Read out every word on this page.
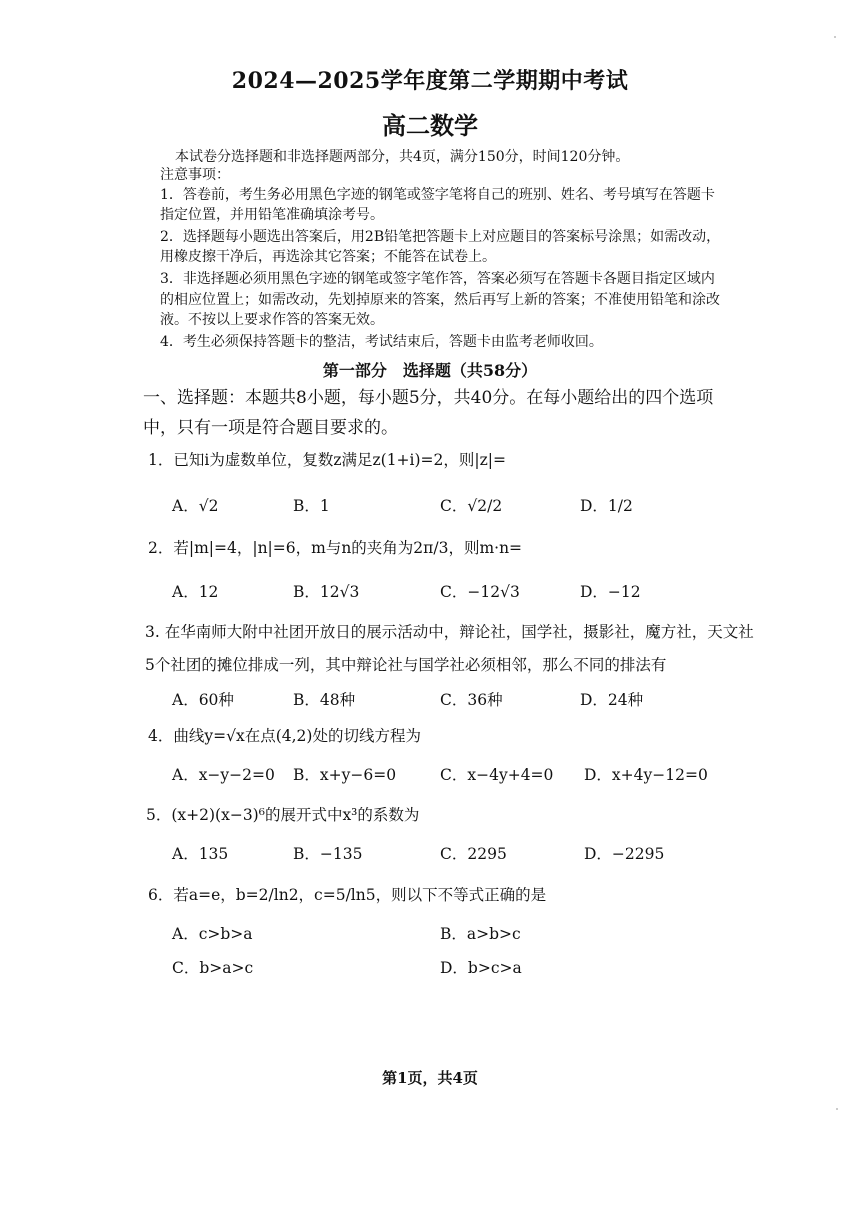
2024—2025学年度第二学期期中考试
高二数学
本试卷分选择题和非选择题两部分，共4页，满分150分，时间120分钟。
注意事项：
1．答卷前，考生务必用黑色字迹的钢笔或签字笔将自己的班别、姓名、考号填写在答题卡
指定位置，并用铅笔准确填涂考号。
2．选择题每小题选出答案后，用2B铅笔把答题卡上对应题目的答案标号涂黑；如需改动，
用橡皮擦干净后，再选涂其它答案；不能答在试卷上。
3．非选择题必须用黑色字迹的钢笔或签字笔作答，答案必须写在答题卡各题目指定区域内
的相应位置上；如需改动，先划掉原来的答案，然后再写上新的答案；不准使用铅笔和涂改
液。不按以上要求作答的答案无效。
4．考生必须保持答题卡的整洁，考试结束后，答题卡由监考老师收回。
第一部分　选择题（共58分）
一、选择题：本题共8小题，每小题5分，共40分。在每小题给出的四个选项
中，只有一项是符合题目要求的。
1．已知i为虚数单位，复数z满足z(1+i)=2，则|z|=
A．√2	B．1	C．√2/2	D．1/2
2．若|m|=4，|n|=6，m与n的夹角为2π/3，则m·n=
A．12	B．12√3	C．−12√3	D．−12
3. 在华南师大附中社团开放日的展示活动中，辩论社，国学社，摄影社，魔方社，天文社
5个社团的摊位排成一列，其中辩论社与国学社必须相邻，那么不同的排法有
A．60种	B．48种	C．36种	D．24种
4．曲线y=√x在点(4,2)处的切线方程为
A．x−y−2=0 B．x+y−6=0	C．x−4y+4=0 D．x+4y−12=0
5．(x+2)(x−3)⁶的展开式中x³的系数为
A．135	B．−135	C．2295	D．−2295
6．若a=e，b=2/ln2，c=5/ln5，则以下不等式正确的是
A．c>b>a	B．a>b>c
C．b>a>c	D．b>c>a
第1页，共4页
